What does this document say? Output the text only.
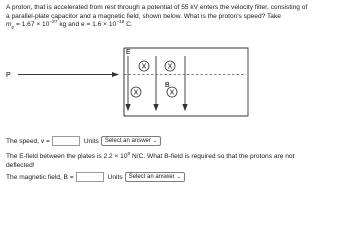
A proton, that is accelerated from rest through a potential of 55 kV enters the velocity filter, consisting of
a parallel-plate capacitor and a magnetic field, shown below. What is the proton's speed? Take
$m_p = 1.67 \times 10^{-27}$ kg and $e = 1.6 \times 10^{-19}$ C.
X	X
X	X
E
B
P
The speed, v =	Units Select an answer ⌄
The E-field between the plates is $2.2 \times 10^6$ N/C. What B-field is required so that the protons are not
deflected!
The magnetic field, B =	Units Select an answer ⌄
